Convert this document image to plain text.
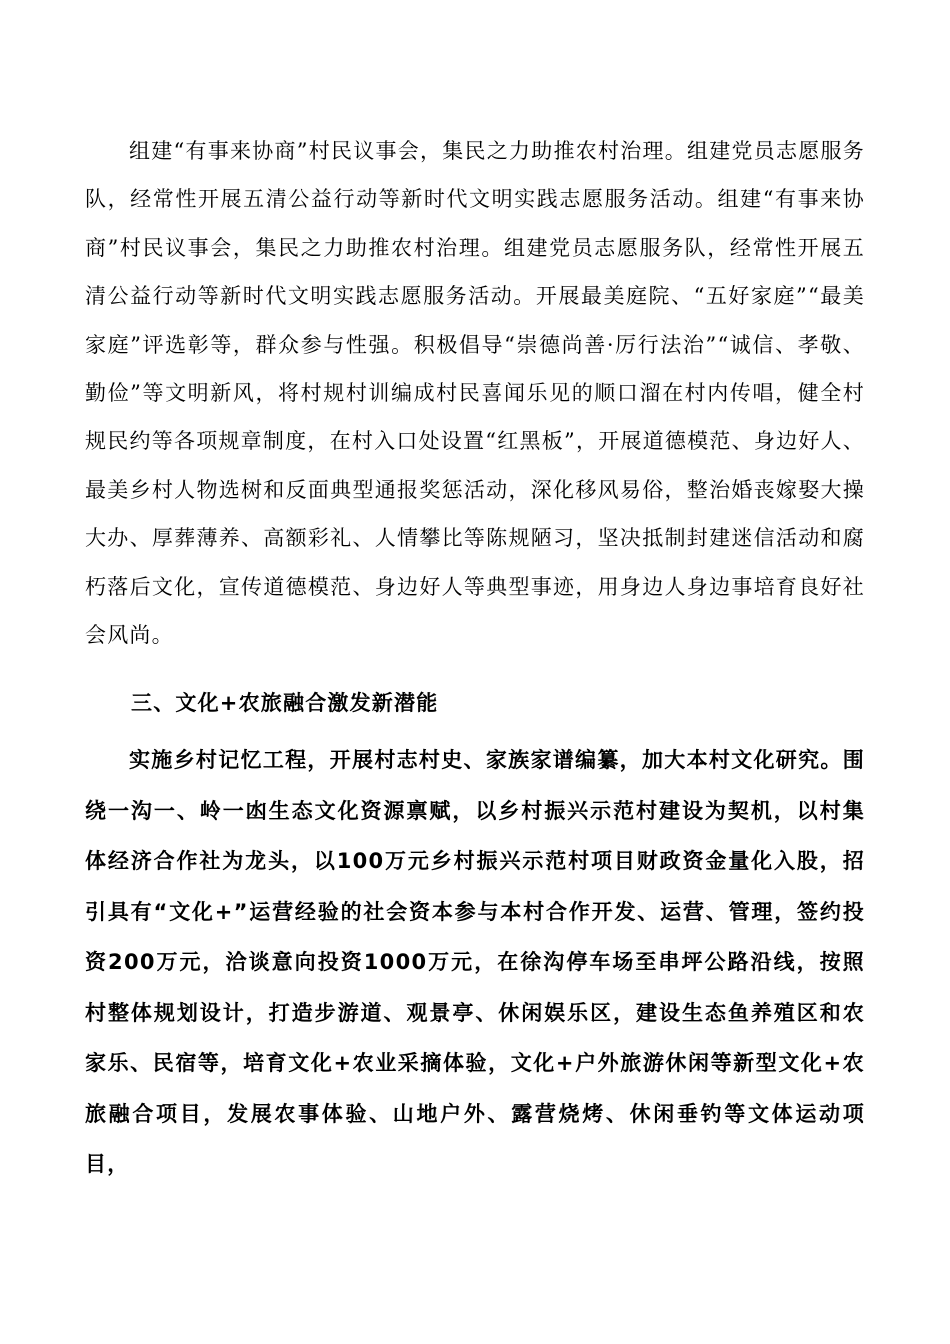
组建“有事来协商”村民议事会，集民之力助推农村治理。组建党员志愿服务队，经常性开展五清公益行动等新时代文明实践志愿服务活动。组建“有事来协商”村民议事会，集民之力助推农村治理。组建党员志愿服务队，经常性开展五清公益行动等新时代文明实践志愿服务活动。开展最美庭院、“五好家庭”“最美家庭”评选彰等，群众参与性强。积极倡导“崇德尚善·厉行法治”“诚信、孝敬、勤俭”等文明新风，将村规村训编成村民喜闻乐见的顺口溜在村内传唱，健全村规民约等各项规章制度，在村入口处设置“红黑板”，开展道德模范、身边好人、最美乡村人物选树和反面典型通报奖惩活动，深化移风易俗，整治婚丧嫁娶大操大办、厚葬薄养、高额彩礼、人情攀比等陈规陋习，坚决抵制封建迷信活动和腐朽落后文化，宣传道德模范、身边好人等典型事迹，用身边人身边事培育良好社会风尚。

三、文化+农旅融合激发新潜能

实施乡村记忆工程，开展村志村史、家族家谱编纂，加大本村文化研究。围绕一沟一、岭一凼生态文化资源禀赋，以乡村振兴示范村建设为契机，以村集体经济合作社为龙头，以100万元乡村振兴示范村项目财政资金量化入股，招引具有“文化+”运营经验的社会资本参与本村合作开发、运营、管理，签约投资200万元，洽谈意向投资1000万元，在徐沟停车场至串坪公路沿线，按照村整体规划设计，打造步游道、观景亭、休闲娱乐区，建设生态鱼养殖区和农家乐、民宿等，培育文化+农业采摘体验，文化+户外旅游休闲等新型文化+农旅融合项目，发展农事体验、山地户外、露营烧烤、休闲垂钓等文体运动项目，
